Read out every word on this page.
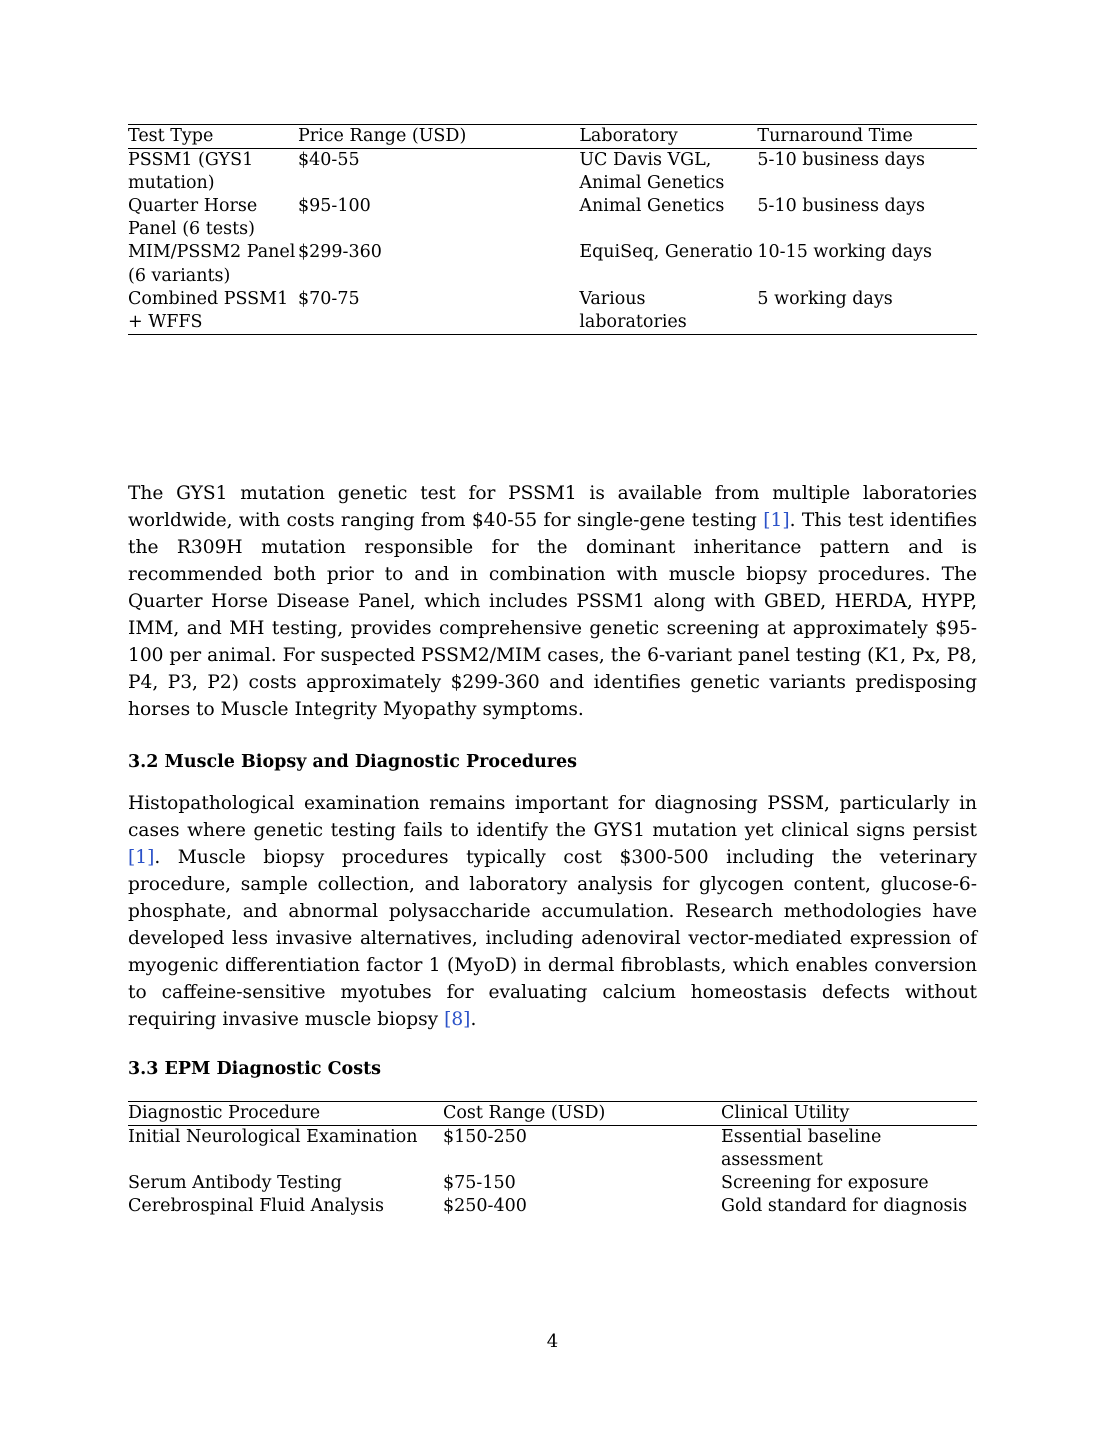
Test Type	Price Range (USD)	Laboratory	Turnaround Time
PSSM1 (GYS1 mutation)	$40-55	UC Davis VGL, Animal Genetics	5-10 business days
Quarter Horse Panel (6 tests)	$95-100	Animal Genetics	5-10 business days
MIM/PSSM2 Panel (6 variants)	$299-360	EquiSeq, Generatio	10-15 working days
Combined PSSM1 + WFFS	$70-75	Various laboratories	5 working days

The GYS1 mutation genetic test for PSSM1 is available from multiple laboratories worldwide, with costs ranging from $40-55 for single-gene testing [1]. This test identifies the R309H mutation responsible for the dominant inheritance pattern and is recommended both prior to and in combination with muscle biopsy procedures. The Quarter Horse Disease Panel, which includes PSSM1 along with GBED, HERDA, HYPP, IMM, and MH testing, provides comprehensive genetic screening at approximately $95-100 per animal. For suspected PSSM2/MIM cases, the 6-variant panel testing (K1, Px, P8, P4, P3, P2) costs approximately $299-360 and identifies genetic variants predisposing horses to Muscle Integrity Myopathy symptoms.

3.2 Muscle Biopsy and Diagnostic Procedures

Histopathological examination remains important for diagnosing PSSM, particularly in cases where genetic testing fails to identify the GYS1 mutation yet clinical signs persist [1]. Muscle biopsy procedures typically cost $300-500 including the veterinary procedure, sample collection, and laboratory analysis for glycogen content, glucose-6-phosphate, and abnormal polysaccharide accumulation. Research methodologies have developed less invasive alternatives, including adenoviral vector-mediated expression of myogenic differentiation factor 1 (MyoD) in dermal fibroblasts, which enables conversion to caffeine-sensitive myotubes for evaluating calcium homeostasis defects without requiring invasive muscle biopsy [8].

3.3 EPM Diagnostic Costs
Diagnostic Procedure	Cost Range (USD)	Clinical Utility
Initial Neurological Examination	$150-250	Essential baseline assessment
Serum Antibody Testing	$75-150	Screening for exposure
Cerebrospinal Fluid Analysis	$250-400	Gold standard for diagnosis
4
